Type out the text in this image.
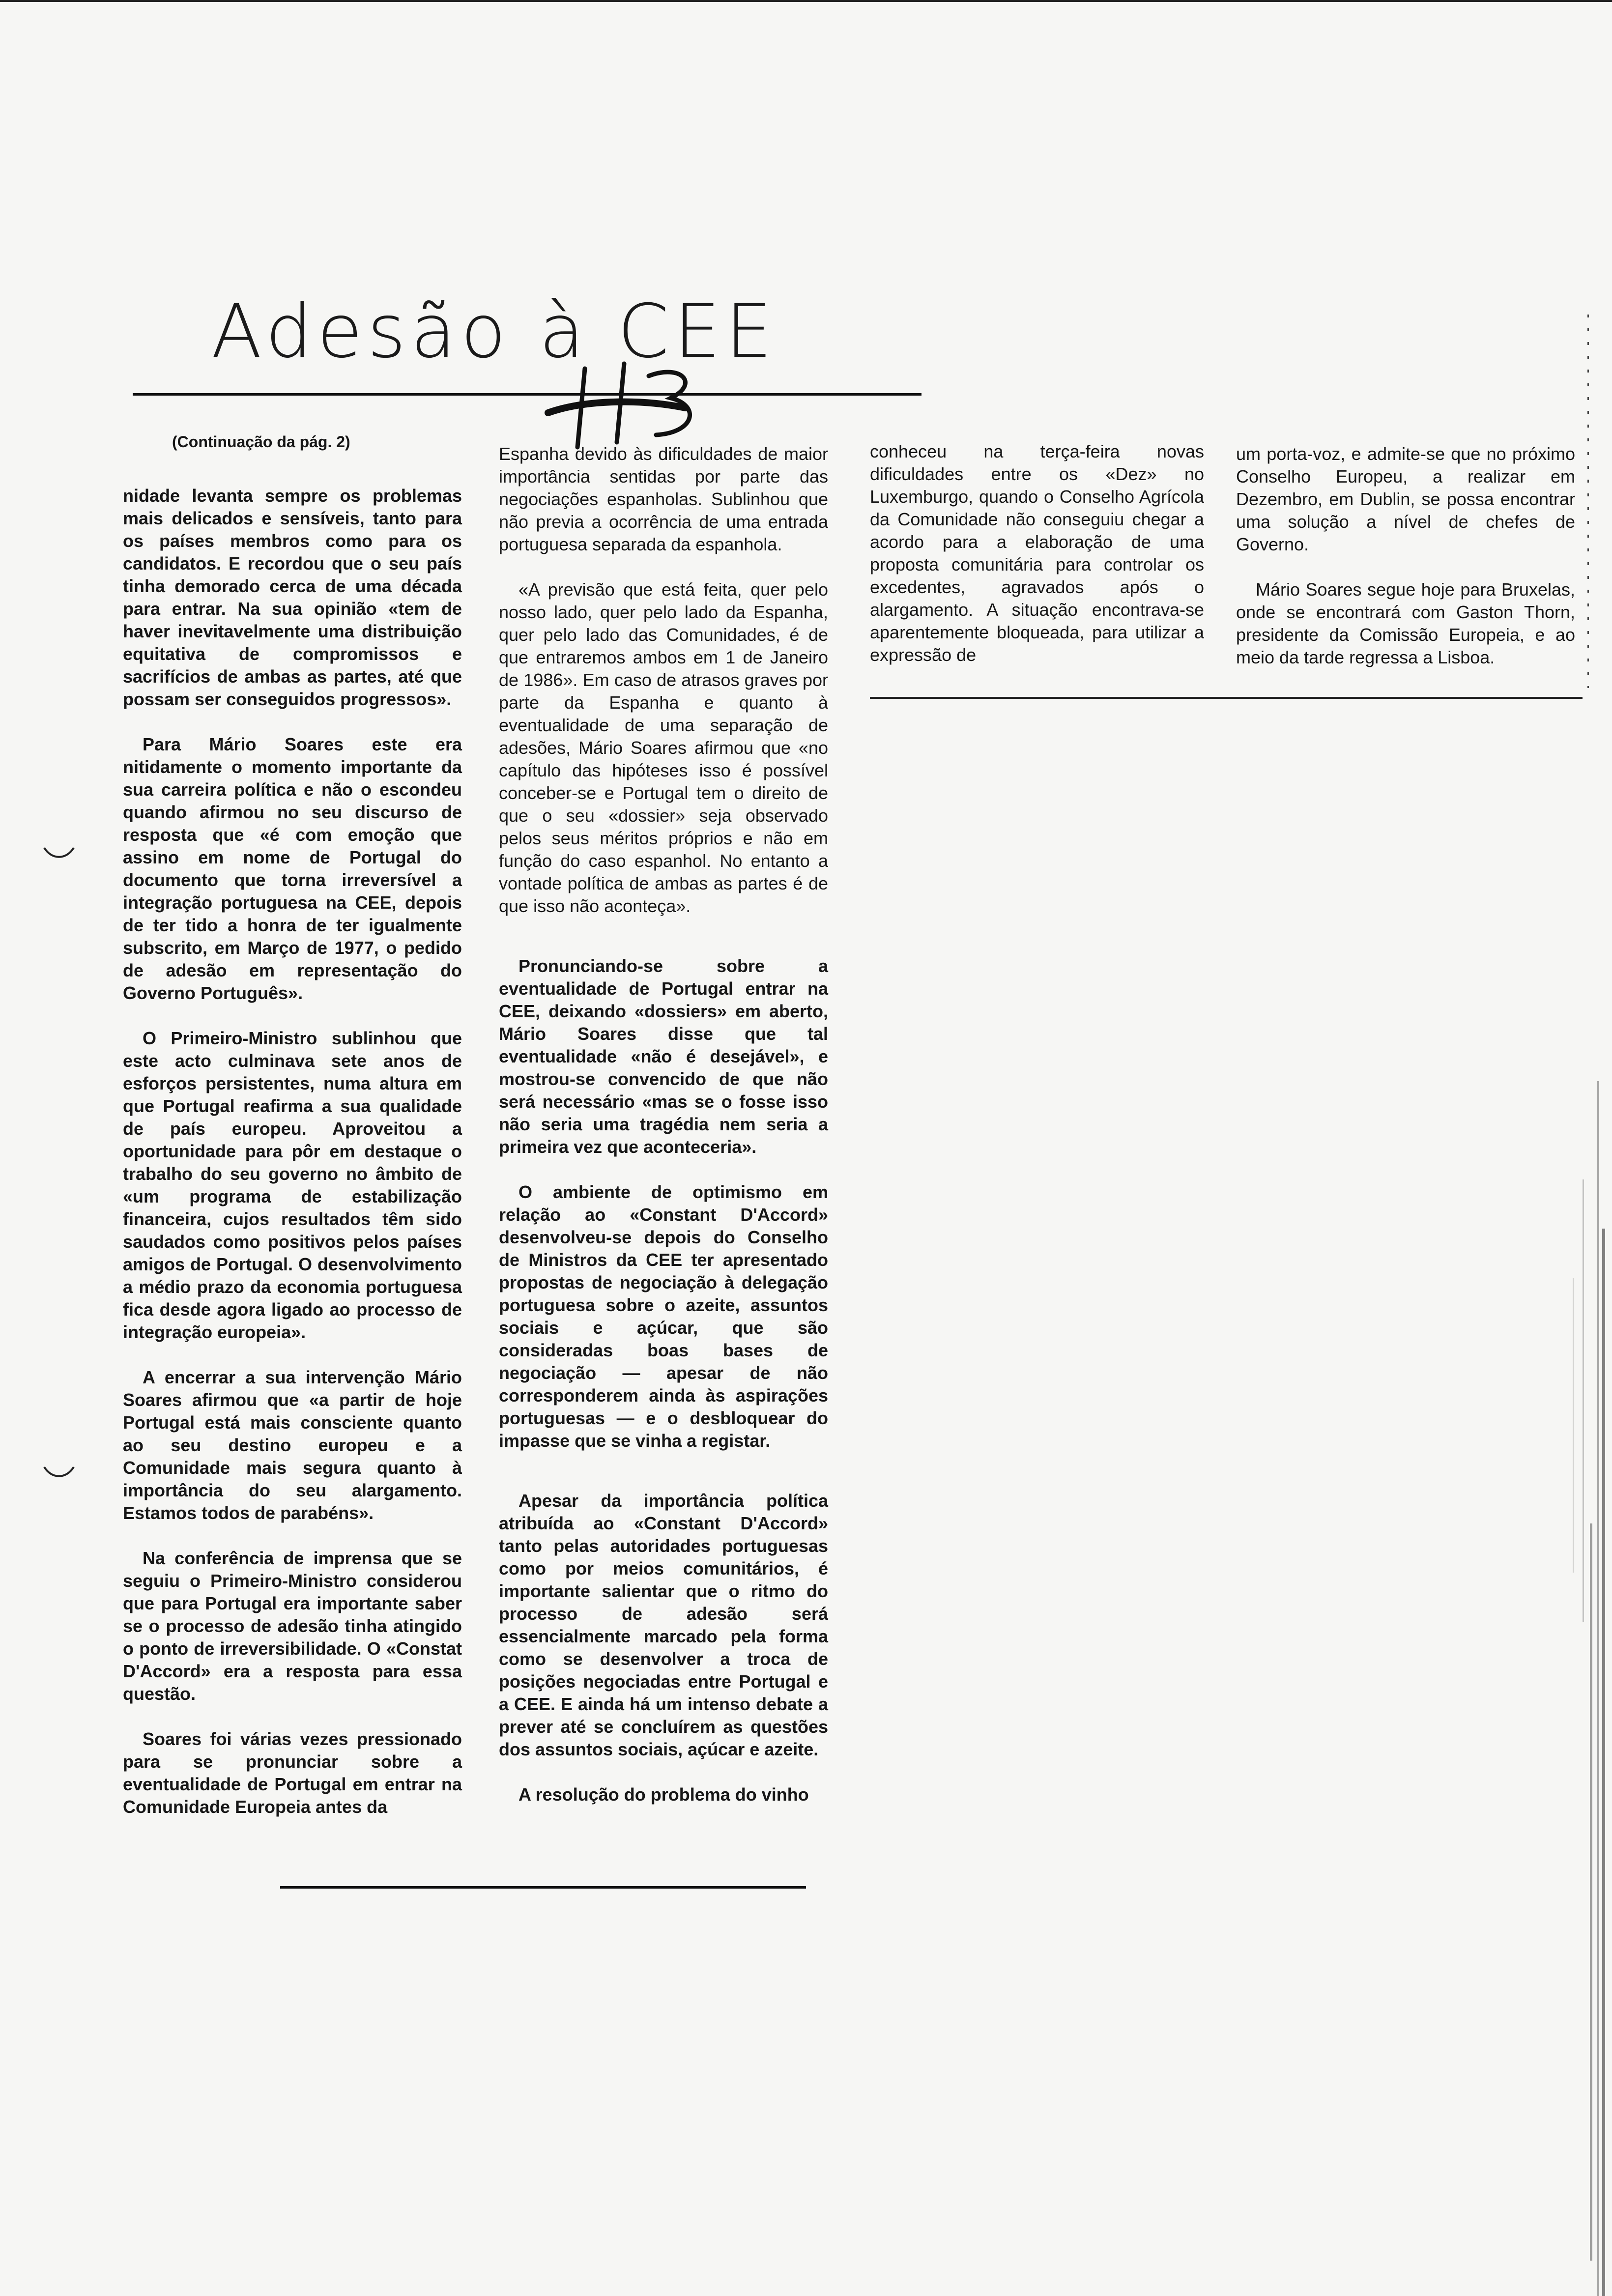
Adesão à CEE

(Continuação da pág. 2)

nidade levanta sempre os problemas mais delicados e sensíveis, tanto para os países membros como para os candidatos. E recordou que o seu país tinha demorado cerca de uma década para entrar. Na sua opinião «tem de haver inevitavelmente uma distribuição equitativa de compromissos e sacrifícios de ambas as partes, até que possam ser conseguidos progressos».

Para Mário Soares este era nitidamente o momento importante da sua carreira política e não o escondeu quando afirmou no seu discurso de resposta que «é com emoção que assino em nome de Portugal do documento que torna irreversível a integração portuguesa na CEE, depois de ter tido a honra de ter igualmente subscrito, em Março de 1977, o pedido de adesão em representação do Governo Português».

O Primeiro-Ministro sublinhou que este acto culminava sete anos de esforços persistentes, numa altura em que Portugal reafirma a sua qualidade de país europeu. Aproveitou a oportunidade para pôr em destaque o trabalho do seu governo no âmbito de «um programa de estabilização financeira, cujos resultados têm sido saudados como positivos pelos países amigos de Portugal. O desenvolvimento a médio prazo da economia portuguesa fica desde agora ligado ao processo de integração europeia».

A encerrar a sua intervenção Mário Soares afirmou que «a partir de hoje Portugal está mais consciente quanto ao seu destino europeu e a Comunidade mais segura quanto à importância do seu alargamento. Estamos todos de parabéns».

Na conferência de imprensa que se seguiu o Primeiro-Ministro considerou que para Portugal era importante saber se o processo de adesão tinha atingido o ponto de irreversibilidade. O «Constat D'Accord» era a resposta para essa questão.

Soares foi várias vezes pressionado para se pronunciar sobre a eventualidade de Portugal em entrar na Comunidade Europeia antes da

Espanha devido às dificuldades de maior importância sentidas por parte das negociações espanholas. Sublinhou que não previa a ocorrência de uma entrada portuguesa separada da espanhola.

«A previsão que está feita, quer pelo nosso lado, quer pelo lado da Espanha, quer pelo lado das Comunidades, é de que entraremos ambos em 1 de Janeiro de 1986». Em caso de atrasos graves por parte da Espanha e quanto à eventualidade de uma separação de adesões, Mário Soares afirmou que «no capítulo das hipóteses isso é possível conceber-se e Portugal tem o direito de que o seu «dossier» seja observado pelos seus méritos próprios e não em função do caso espanhol. No entanto a vontade política de ambas as partes é de que isso não aconteça».

Pronunciando-se sobre a eventualidade de Portugal entrar na CEE, deixando «dossiers» em aberto, Mário Soares disse que tal eventualidade «não é desejável», e mostrou-se convencido de que não será necessário «mas se o fosse isso não seria uma tragédia nem seria a primeira vez que aconteceria».

O ambiente de optimismo em relação ao «Constant D'Accord» desenvolveu-se depois do Conselho de Ministros da CEE ter apresentado propostas de negociação à delegação portuguesa sobre o azeite, assuntos sociais e açúcar, que são consideradas boas bases de negociação — apesar de não corresponderem ainda às aspirações portuguesas — e o desbloquear do impasse que se vinha a registar.

Apesar da importância política atribuída ao «Constant D'Accord» tanto pelas autoridades portuguesas como por meios comunitários, é importante salientar que o ritmo do processo de adesão será essencialmente marcado pela forma como se desenvolver a troca de posições negociadas entre Portugal e a CEE. E ainda há um intenso debate a prever até se concluírem as questões dos assuntos sociais, açúcar e azeite.

A resolução do problema do vinho

conheceu na terça-feira novas dificuldades entre os «Dez» no Luxemburgo, quando o Conselho Agrícola da Comunidade não conseguiu chegar a acordo para a elaboração de uma proposta comunitária para controlar os excedentes, agravados após o alargamento. A situação encontrava-se aparentemente bloqueada, para utilizar a expressão de

um porta-voz, e admite-se que no próximo Conselho Europeu, a realizar em Dezembro, em Dublin, se possa encontrar uma solução a nível de chefes de Governo.

Mário Soares segue hoje para Bruxelas, onde se encontrará com Gaston Thorn, presidente da Comissão Europeia, e ao meio da tarde regressa a Lisboa.
